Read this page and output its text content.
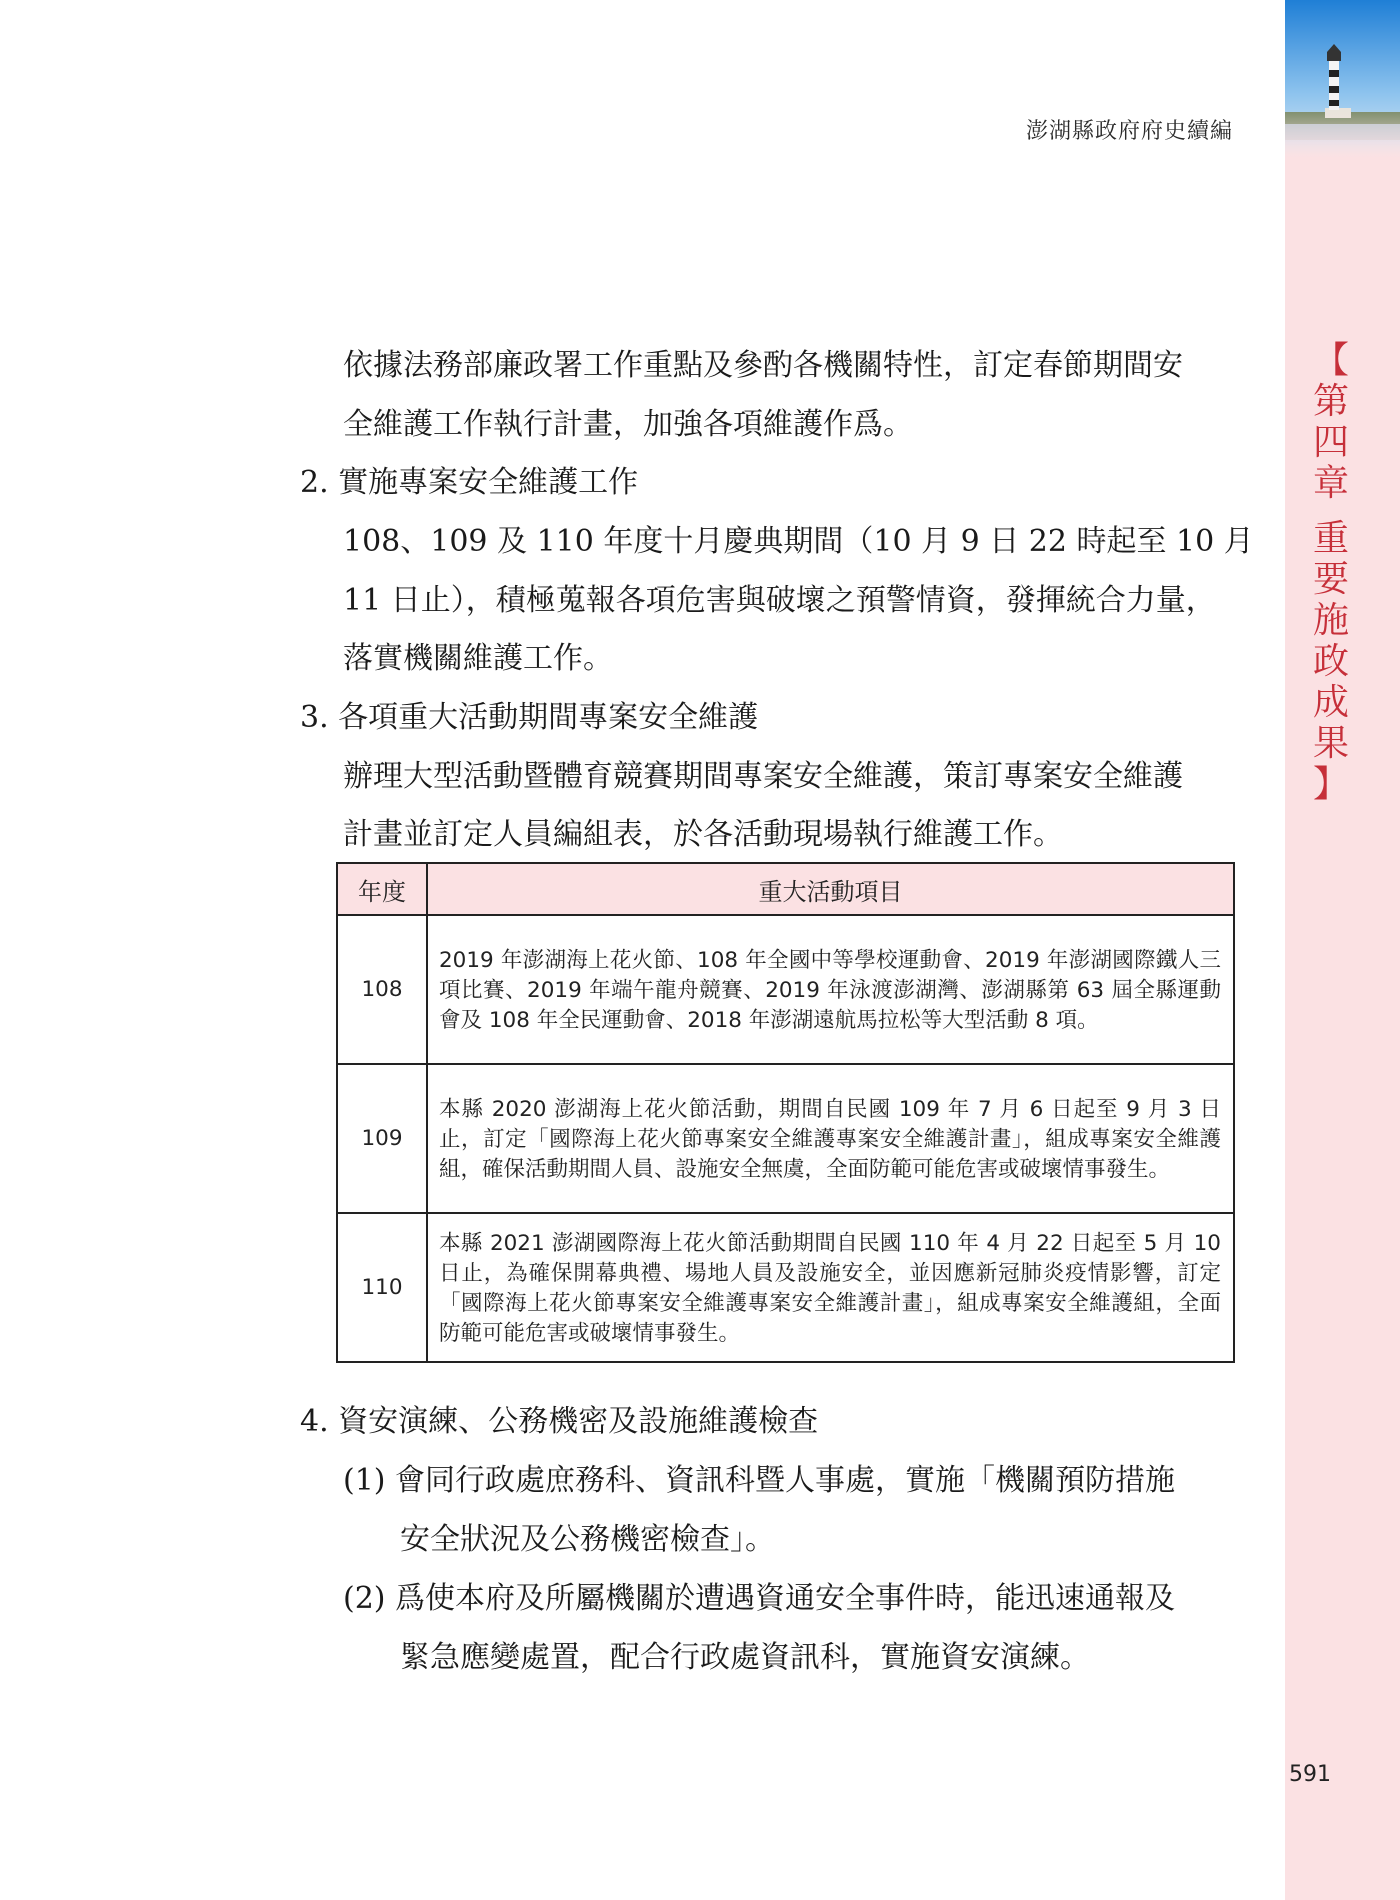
澎湖縣政府府史續編
【
第
四
章
重
要
施
政
成
果
】
依據法務部廉政署工作重點及參酌各機關特性，訂定春節期間安
全維護工作執行計畫，加強各項維護作爲。
2. 實施專案安全維護工作
108、109 及 110 年度十月慶典期間（10 月 9 日 22 時起至 10 月
11 日止），積極蒐報各項危害與破壞之預警情資，發揮統合力量，
落實機關維護工作。
3. 各項重大活動期間專案安全維護
辦理大型活動暨體育競賽期間專案安全維護，策訂專案安全維護
計畫並訂定人員編組表，於各活動現場執行維護工作。
年度	重大活動項目
108	2019 年澎湖海上花火節、108 年全國中等學校運動會、2019 年澎湖國際鐵人三項比賽、2019 年端午龍舟競賽、2019 年泳渡澎湖灣、澎湖縣第 63 屆全縣運動會及 108 年全民運動會、2018 年澎湖遠航馬拉松等大型活動 8 項。
109	本縣 2020 澎湖海上花火節活動，期間自民國 109 年 7 月 6 日起至 9 月 3 日止，訂定「國際海上花火節專案安全維護專案安全維護計畫」，組成專案安全維護組，確保活動期間人員、設施安全無虞，全面防範可能危害或破壞情事發生。
110	本縣 2021 澎湖國際海上花火節活動期間自民國 110 年 4 月 22 日起至 5 月 10 日止，為確保開幕典禮、場地人員及設施安全，並因應新冠肺炎疫情影響，訂定「國際海上花火節專案安全維護專案安全維護計畫」，組成專案安全維護組，全面防範可能危害或破壞情事發生。
4. 資安演練、公務機密及設施維護檢查
(1) 會同行政處庶務科、資訊科暨人事處，實施「機關預防措施
安全狀況及公務機密檢查」。
(2) 爲使本府及所屬機關於遭遇資通安全事件時，能迅速通報及
緊急應變處置，配合行政處資訊科，實施資安演練。
591
